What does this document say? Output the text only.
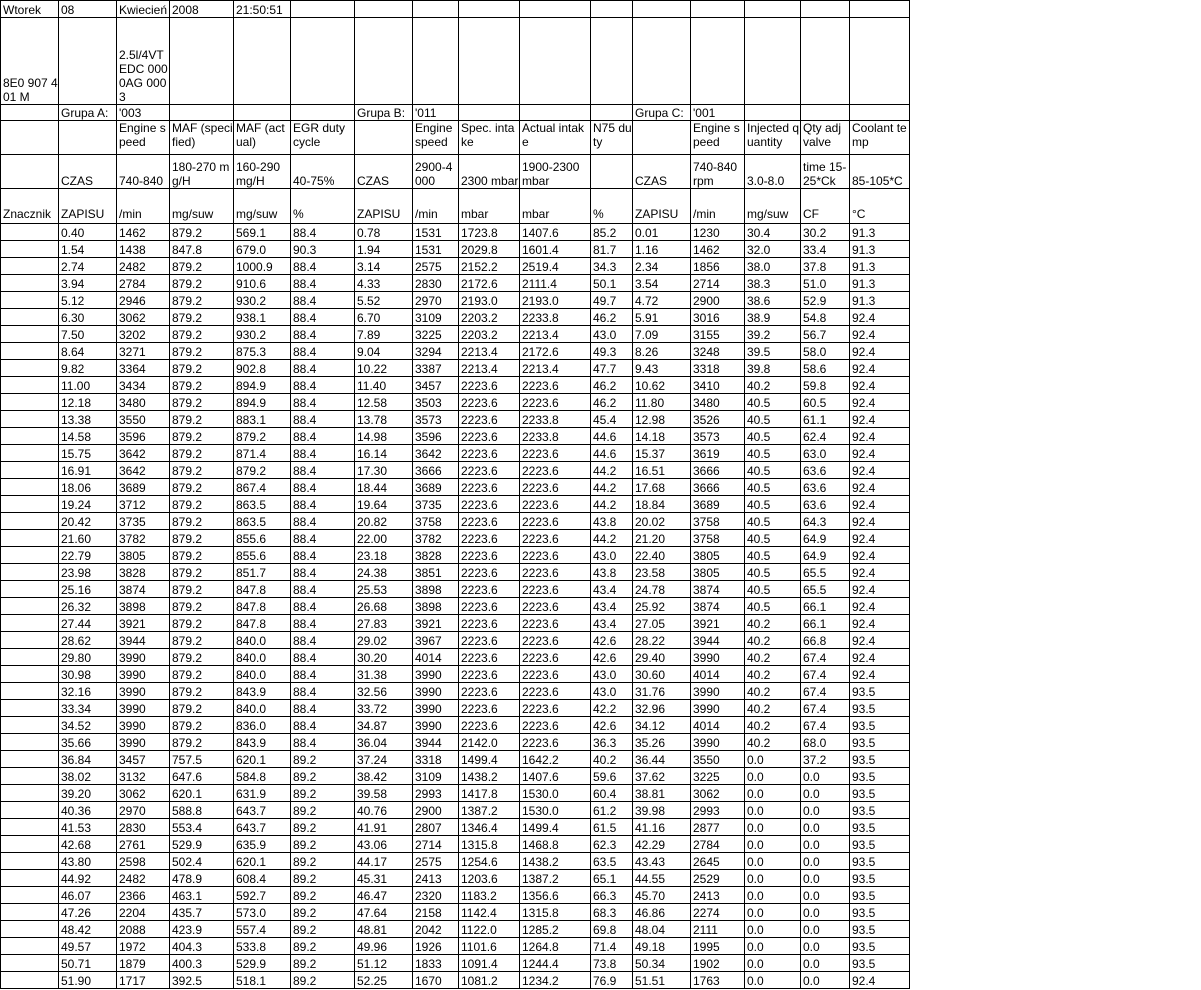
Wtorek	08	Kwiecień	2008	21:50:51											
8E0 907 401 M		2.5l/4VT EDC 0000AG 0003													
	Grupa A:	'003				Grupa B:	'011				Grupa C:	'001			
		Engine speed	MAF (specified)	MAF (actual)	EGR duty cycle		Engine speed	Spec. intake	Actual intake	N75 duty		Engine speed	Injected quantity	Qty adj valve	Coolant temp
	CZAS	740-840	180-270 mg/H	160-290 mg/H	40-75%	CZAS	2900-4000	2300 mbar	1900-2300 mbar		CZAS	740-840 rpm	3.0-8.0	time 15-25*Ck	85-105*C
Znacznik	ZAPISU	/min	mg/suw	mg/suw	%	ZAPISU	/min	mbar	mbar	%	ZAPISU	/min	mg/suw	CF	°C
	0.40	1462	879.2	569.1	88.4	0.78	1531	1723.8	1407.6	85.2	0.01	1230	30.4	30.2	91.3
	1.54	1438	847.8	679.0	90.3	1.94	1531	2029.8	1601.4	81.7	1.16	1462	32.0	33.4	91.3
	2.74	2482	879.2	1000.9	88.4	3.14	2575	2152.2	2519.4	34.3	2.34	1856	38.0	37.8	91.3
	3.94	2784	879.2	910.6	88.4	4.33	2830	2172.6	2111.4	50.1	3.54	2714	38.3	51.0	91.3
	5.12	2946	879.2	930.2	88.4	5.52	2970	2193.0	2193.0	49.7	4.72	2900	38.6	52.9	91.3
	6.30	3062	879.2	938.1	88.4	6.70	3109	2203.2	2233.8	46.2	5.91	3016	38.9	54.8	92.4
	7.50	3202	879.2	930.2	88.4	7.89	3225	2203.2	2213.4	43.0	7.09	3155	39.2	56.7	92.4
	8.64	3271	879.2	875.3	88.4	9.04	3294	2213.4	2172.6	49.3	8.26	3248	39.5	58.0	92.4
	9.82	3364	879.2	902.8	88.4	10.22	3387	2213.4	2213.4	47.7	9.43	3318	39.8	58.6	92.4
	11.00	3434	879.2	894.9	88.4	11.40	3457	2223.6	2223.6	46.2	10.62	3410	40.2	59.8	92.4
	12.18	3480	879.2	894.9	88.4	12.58	3503	2223.6	2223.6	46.2	11.80	3480	40.5	60.5	92.4
	13.38	3550	879.2	883.1	88.4	13.78	3573	2223.6	2233.8	45.4	12.98	3526	40.5	61.1	92.4
	14.58	3596	879.2	879.2	88.4	14.98	3596	2223.6	2233.8	44.6	14.18	3573	40.5	62.4	92.4
	15.75	3642	879.2	871.4	88.4	16.14	3642	2223.6	2223.6	44.6	15.37	3619	40.5	63.0	92.4
	16.91	3642	879.2	879.2	88.4	17.30	3666	2223.6	2223.6	44.2	16.51	3666	40.5	63.6	92.4
	18.06	3689	879.2	867.4	88.4	18.44	3689	2223.6	2223.6	44.2	17.68	3666	40.5	63.6	92.4
	19.24	3712	879.2	863.5	88.4	19.64	3735	2223.6	2223.6	44.2	18.84	3689	40.5	63.6	92.4
	20.42	3735	879.2	863.5	88.4	20.82	3758	2223.6	2223.6	43.8	20.02	3758	40.5	64.3	92.4
	21.60	3782	879.2	855.6	88.4	22.00	3782	2223.6	2223.6	44.2	21.20	3758	40.5	64.9	92.4
	22.79	3805	879.2	855.6	88.4	23.18	3828	2223.6	2223.6	43.0	22.40	3805	40.5	64.9	92.4
	23.98	3828	879.2	851.7	88.4	24.38	3851	2223.6	2223.6	43.8	23.58	3805	40.5	65.5	92.4
	25.16	3874	879.2	847.8	88.4	25.53	3898	2223.6	2223.6	43.4	24.78	3874	40.5	65.5	92.4
	26.32	3898	879.2	847.8	88.4	26.68	3898	2223.6	2223.6	43.4	25.92	3874	40.5	66.1	92.4
	27.44	3921	879.2	847.8	88.4	27.83	3921	2223.6	2223.6	43.4	27.05	3921	40.2	66.1	92.4
	28.62	3944	879.2	840.0	88.4	29.02	3967	2223.6	2223.6	42.6	28.22	3944	40.2	66.8	92.4
	29.80	3990	879.2	840.0	88.4	30.20	4014	2223.6	2223.6	42.6	29.40	3990	40.2	67.4	92.4
	30.98	3990	879.2	840.0	88.4	31.38	3990	2223.6	2223.6	43.0	30.60	4014	40.2	67.4	92.4
	32.16	3990	879.2	843.9	88.4	32.56	3990	2223.6	2223.6	43.0	31.76	3990	40.2	67.4	93.5
	33.34	3990	879.2	840.0	88.4	33.72	3990	2223.6	2223.6	42.2	32.96	3990	40.2	67.4	93.5
	34.52	3990	879.2	836.0	88.4	34.87	3990	2223.6	2223.6	42.6	34.12	4014	40.2	67.4	93.5
	35.66	3990	879.2	843.9	88.4	36.04	3944	2142.0	2223.6	36.3	35.26	3990	40.2	68.0	93.5
	36.84	3457	757.5	620.1	89.2	37.24	3318	1499.4	1642.2	40.2	36.44	3550	0.0	37.2	93.5
	38.02	3132	647.6	584.8	89.2	38.42	3109	1438.2	1407.6	59.6	37.62	3225	0.0	0.0	93.5
	39.20	3062	620.1	631.9	89.2	39.58	2993	1417.8	1530.0	60.4	38.81	3062	0.0	0.0	93.5
	40.36	2970	588.8	643.7	89.2	40.76	2900	1387.2	1530.0	61.2	39.98	2993	0.0	0.0	93.5
	41.53	2830	553.4	643.7	89.2	41.91	2807	1346.4	1499.4	61.5	41.16	2877	0.0	0.0	93.5
	42.68	2761	529.9	635.9	89.2	43.06	2714	1315.8	1468.8	62.3	42.29	2784	0.0	0.0	93.5
	43.80	2598	502.4	620.1	89.2	44.17	2575	1254.6	1438.2	63.5	43.43	2645	0.0	0.0	93.5
	44.92	2482	478.9	608.4	89.2	45.31	2413	1203.6	1387.2	65.1	44.55	2529	0.0	0.0	93.5
	46.07	2366	463.1	592.7	89.2	46.47	2320	1183.2	1356.6	66.3	45.70	2413	0.0	0.0	93.5
	47.26	2204	435.7	573.0	89.2	47.64	2158	1142.4	1315.8	68.3	46.86	2274	0.0	0.0	93.5
	48.42	2088	423.9	557.4	89.2	48.81	2042	1122.0	1285.2	69.8	48.04	2111	0.0	0.0	93.5
	49.57	1972	404.3	533.8	89.2	49.96	1926	1101.6	1264.8	71.4	49.18	1995	0.0	0.0	93.5
	50.71	1879	400.3	529.9	89.2	51.12	1833	1091.4	1244.4	73.8	50.34	1902	0.0	0.0	93.5
	51.90	1717	392.5	518.1	89.2	52.25	1670	1081.2	1234.2	76.9	51.51	1763	0.0	0.0	92.4
